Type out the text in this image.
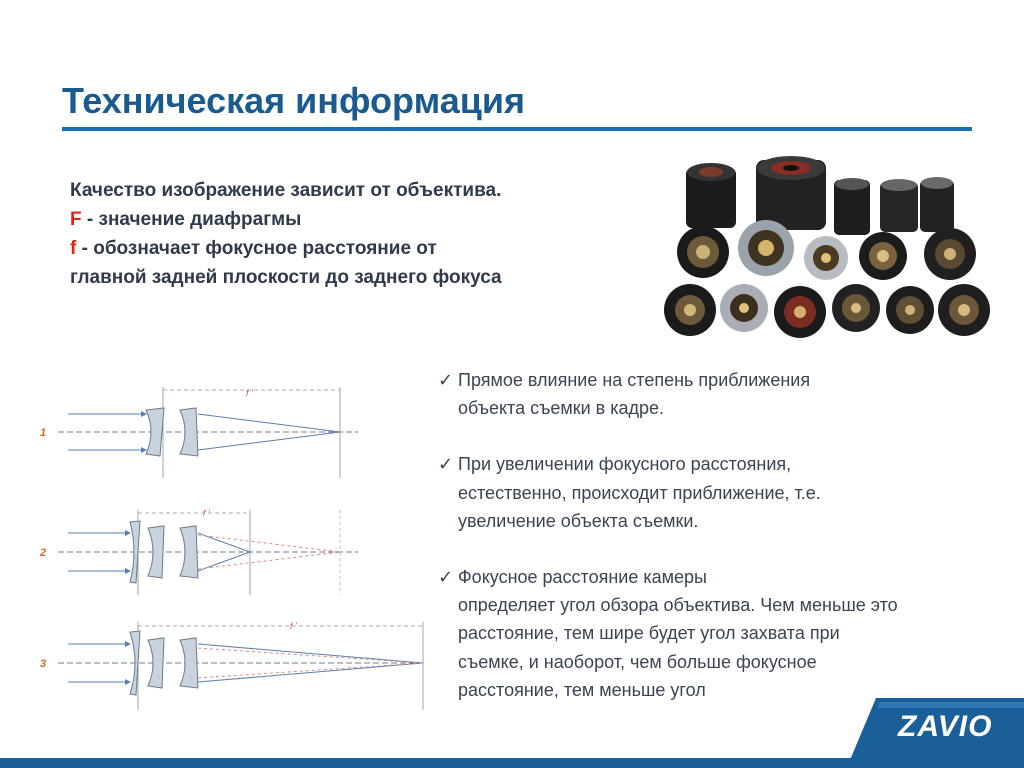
Техническая информация
Качество изображение зависит от объектива.
F - значение диафрагмы
f - обозначает фокусное расстояние от
главной задней плоскости до заднего фокуса
f '
1
f '
2
f '
3
✓ Прямое влияние на степень приближения
объекта съемки в кадре.
✓ При увеличении фокусного расстояния,
естественно, происходит приближение, т.е. увеличение объекта съемки.
✓ Фокусное расстояние камеры
определяет угол обзора объектива. Чем меньше это расстояние, тем шире будет угол захвата при съемке, и наоборот, чем больше фокусное расстояние, тем меньше угол
ZAVIO
